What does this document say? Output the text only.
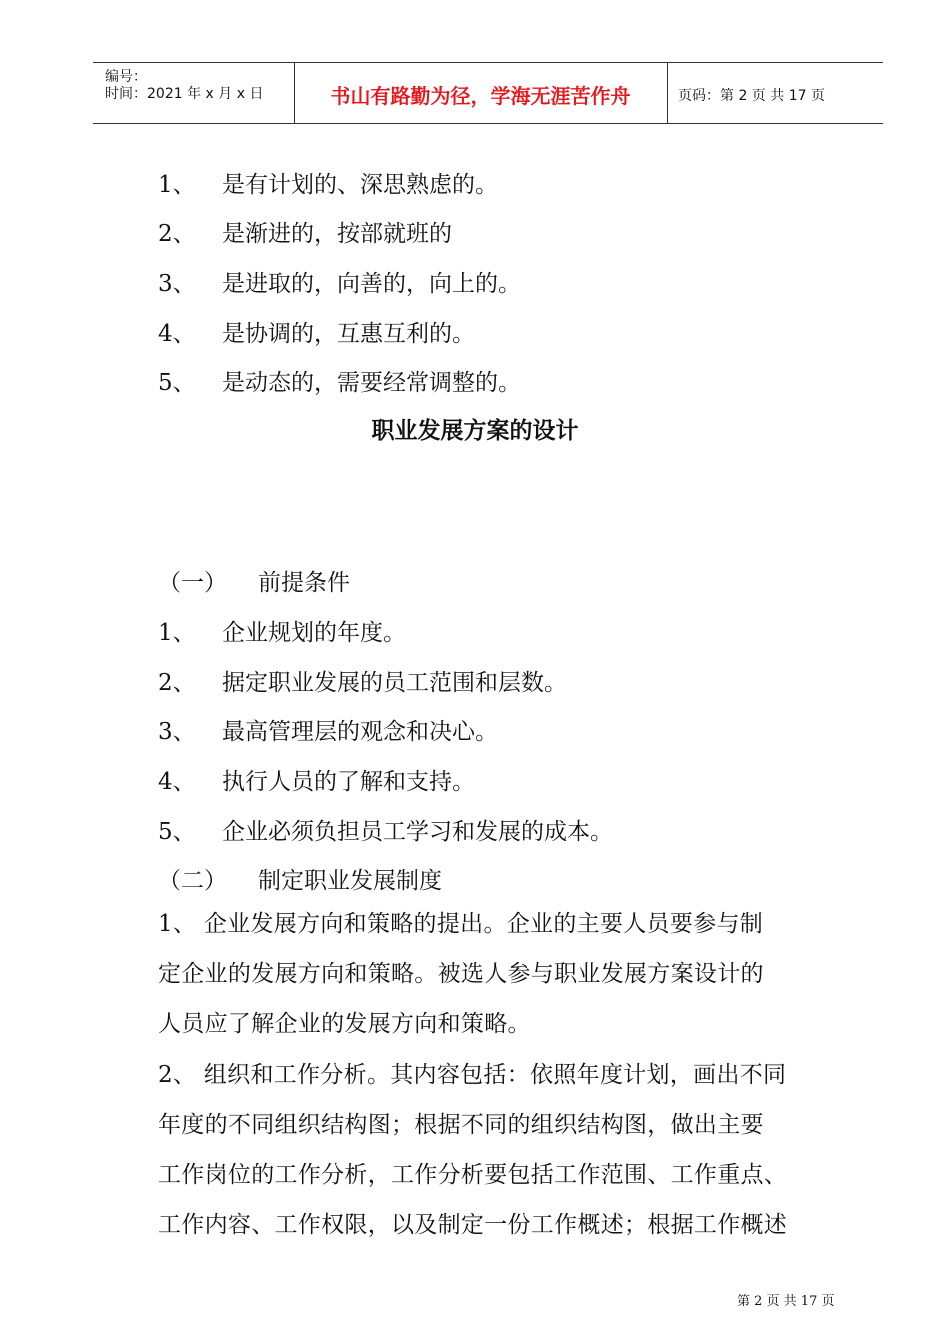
编号：
时间：2021 年 x 月 x 日	书山有路勤为径，学海无涯苦作舟	页码：第 2 页 共 17 页
1、 是有计划的、深思熟虑的。
2、 是渐进的，按部就班的
3、 是进取的，向善的，向上的。
4、 是协调的，互惠互利的。
5、 是动态的，需要经常调整的。
职业发展方案的设计
（一） 前提条件
1、 企业规划的年度。
2、 据定职业发展的员工范围和层数。
3、 最高管理层的观念和决心。
4、 执行人员的了解和支持。
5、 企业必须负担员工学习和发展的成本。
（二） 制定职业发展制度
1、 企业发展方向和策略的提出。企业的主要人员要参与制
定企业的发展方向和策略。被选人参与职业发展方案设计的
人员应了解企业的发展方向和策略。
2、 组织和工作分析。其内容包括：依照年度计划，画出不同
年度的不同组织结构图；根据不同的组织结构图，做出主要
工作岗位的工作分析，工作分析要包括工作范围、工作重点、
工作内容、工作权限，以及制定一份工作概述；根据工作概述
第 2 页 共 17 页
